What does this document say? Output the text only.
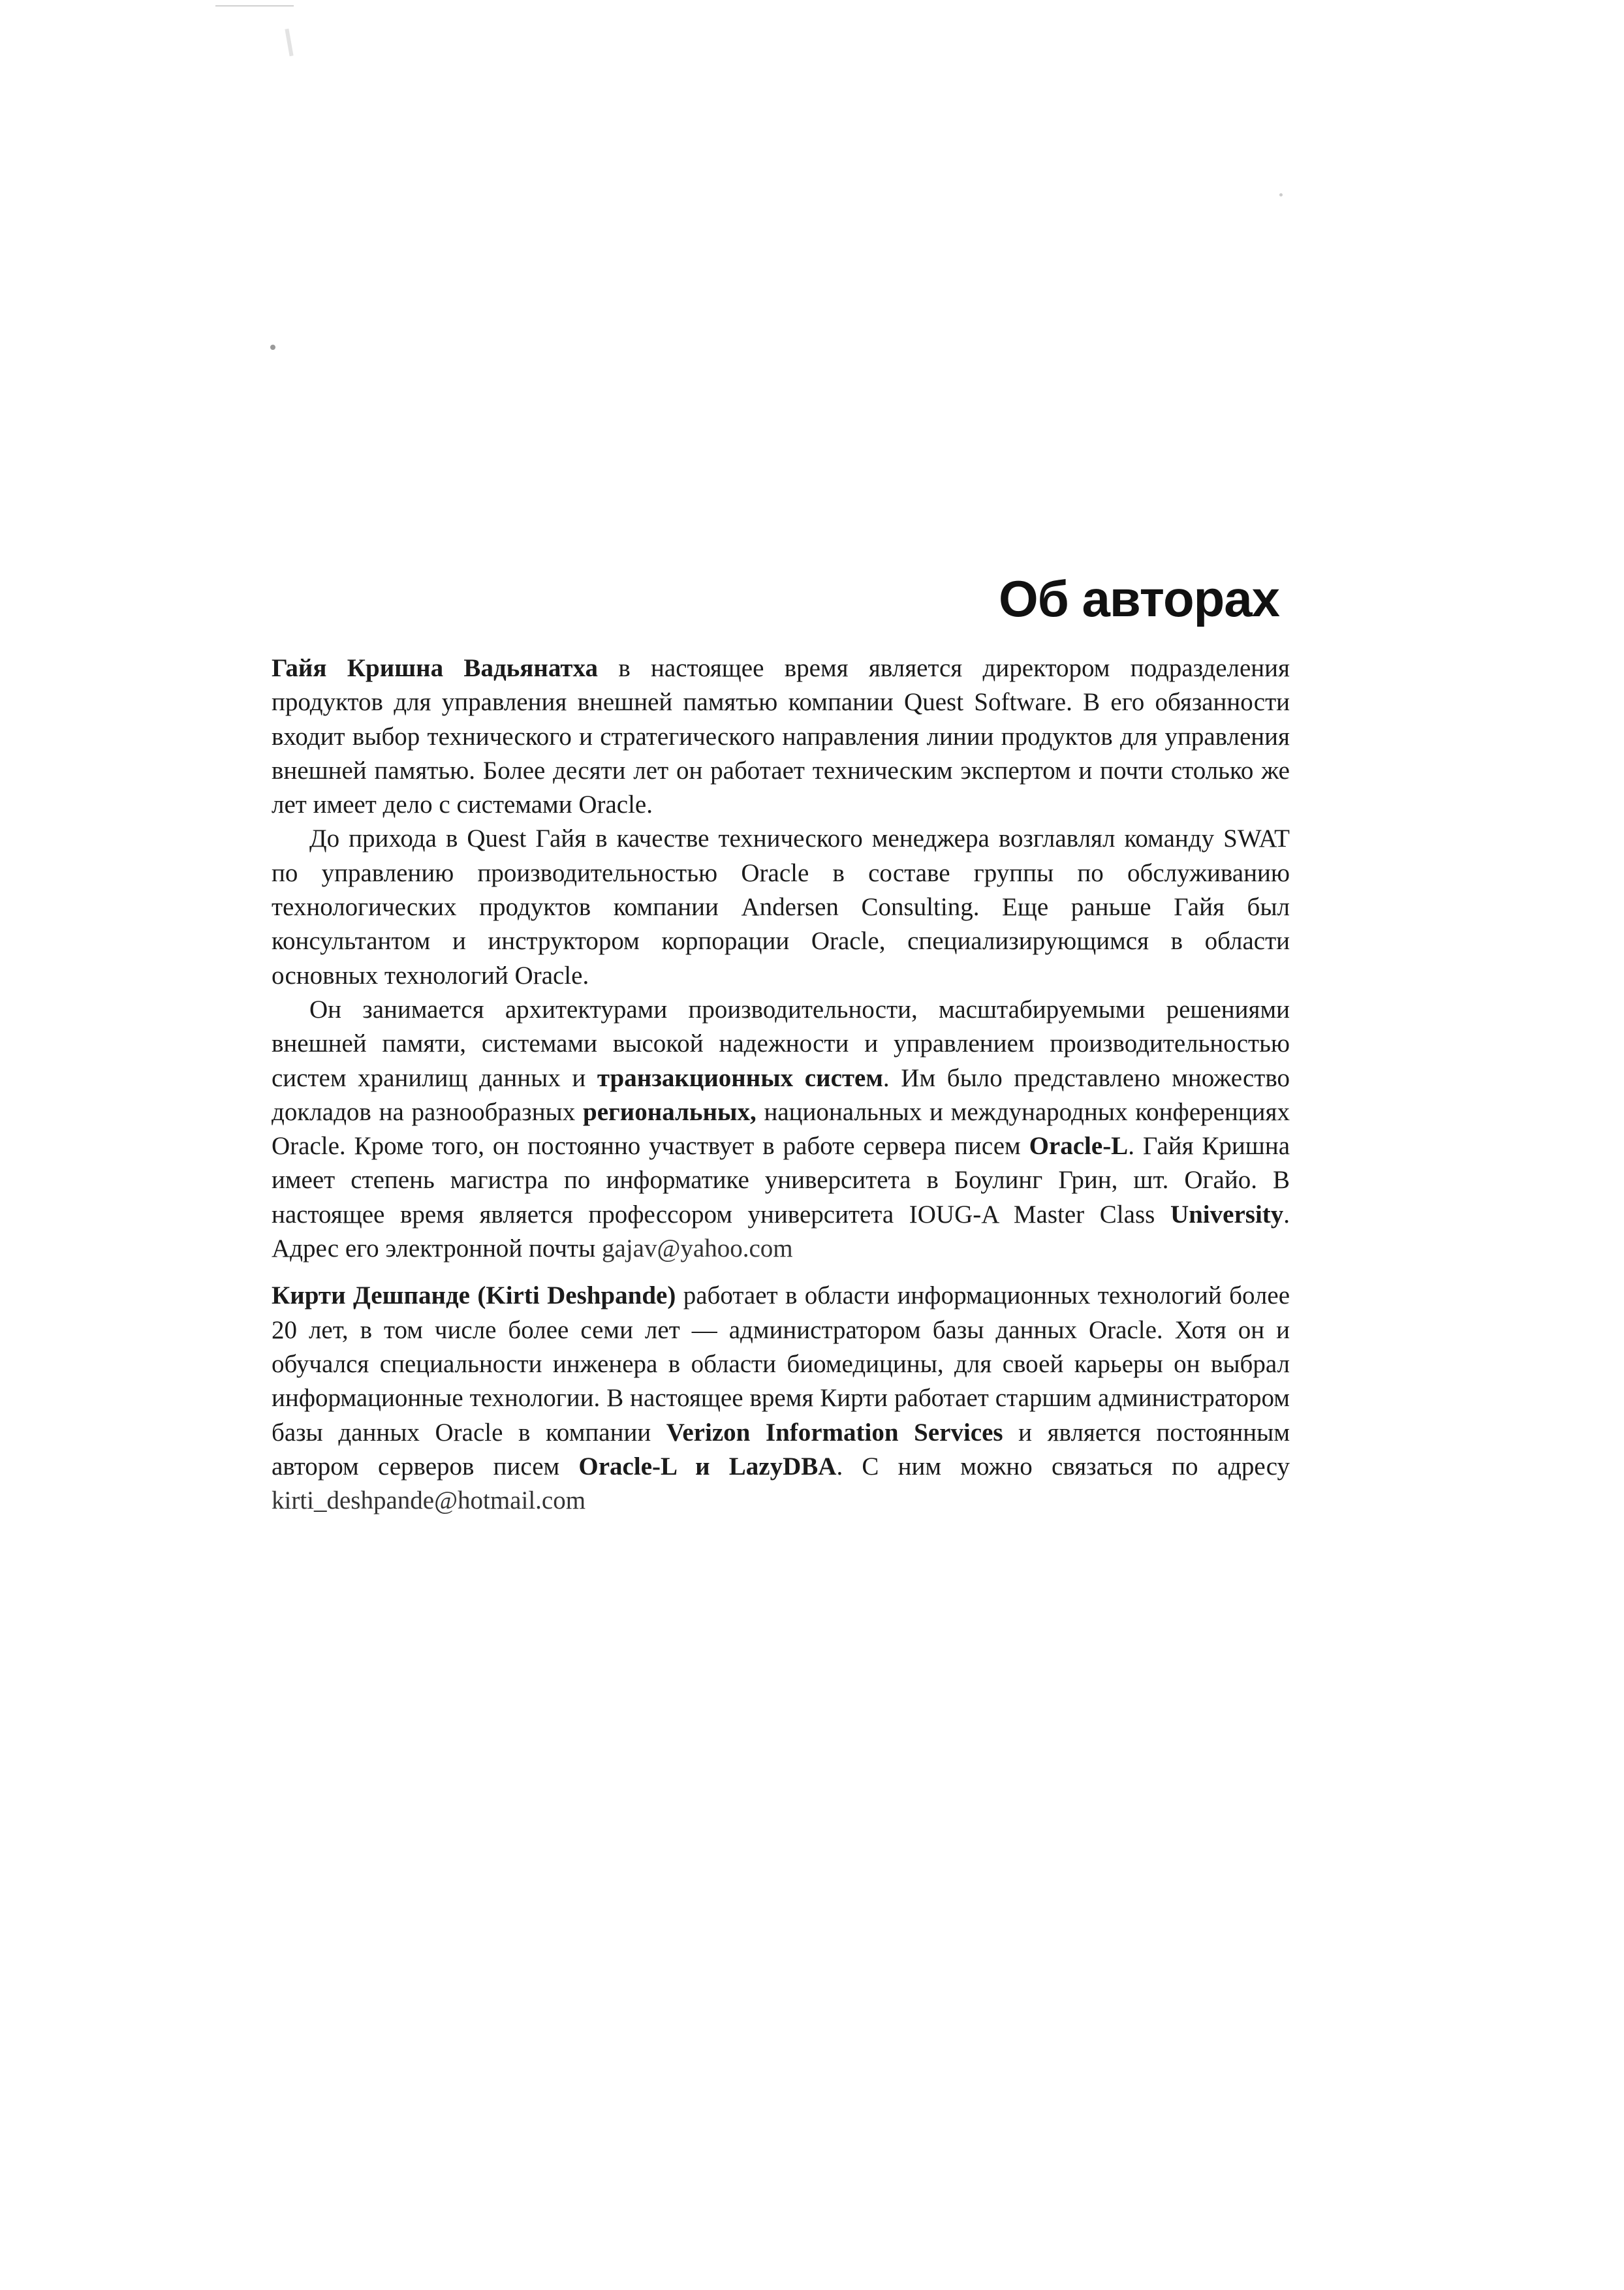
Об авторах

Гайя Кришна Вадьянатха в настоящее время является директором подразделения продуктов для управления внешней памятью компании Quest Software. В его обязанности входит выбор технического и стратегического направления линии продуктов для управления внешней памятью. Более десяти лет он работает техническим экспертом и почти столько же лет имеет дело с системами Oracle.

До прихода в Quest Гайя в качестве технического менеджера возглавлял команду SWAT по управлению производительностью Oracle в составе группы по обслуживанию технологических продуктов компании Andersen Consulting. Еще раньше Гайя был консультантом и инструктором корпорации Oracle, специализирующимся в области основных технологий Oracle.

Он занимается архитектурами производительности, масштабируемыми решениями внешней памяти, системами высокой надежности и управлением производительностью систем хранилищ данных и транзакционных систем. Им было представлено множество докладов на разнообразных региональных, национальных и международных конференциях Oracle. Кроме того, он постоянно участвует в работе сервера писем Oracle-L. Гайя Кришна имеет степень магистра по информатике университета в Боулинг Грин, шт. Огайо. В настоящее время является профессором университета IOUG-A Master Class University. Адрес его электронной почты gajav@yahoo.com

Кирти Дешпанде (Kirti Deshpande) работает в области информационных технологий более 20 лет, в том числе более семи лет — администратором базы данных Oracle. Хотя он и обучался специальности инженера в области биомедицины, для своей карьеры он выбрал информационные технологии. В настоящее время Кирти работает старшим администратором базы данных Oracle в компании Verizon Information Services и является постоянным автором серверов писем Oracle-L и LazyDBA. С ним можно связаться по адресу kirti_deshpande@hotmail.com
